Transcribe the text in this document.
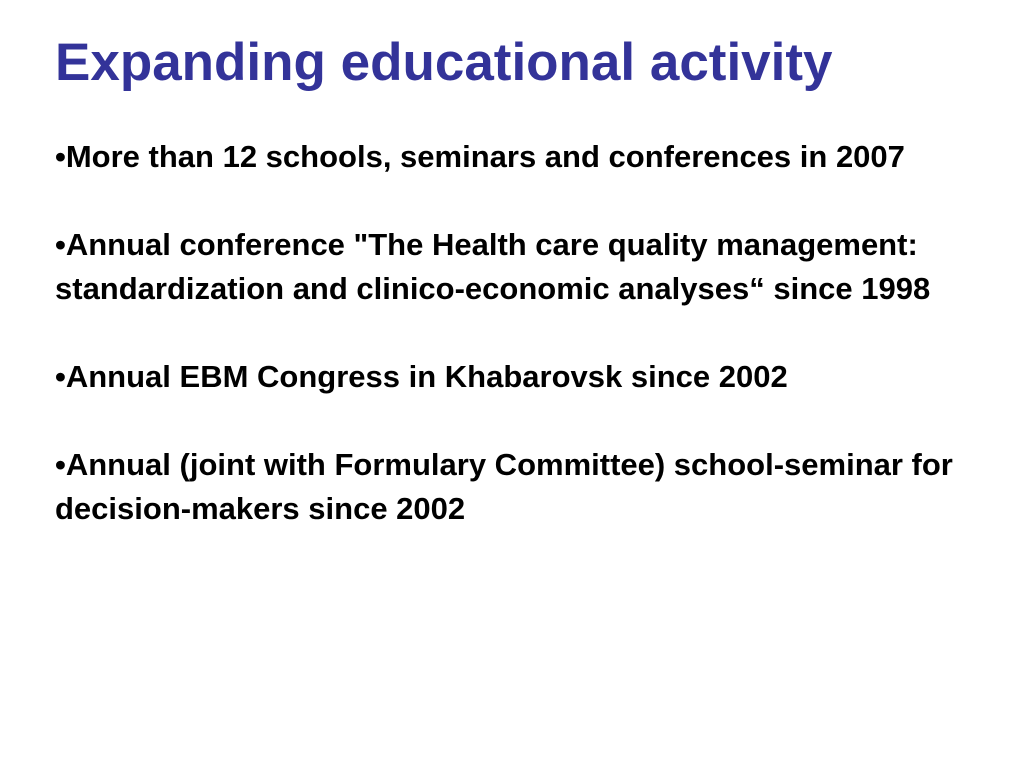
Expanding educational activity
•More than 12 schools, seminars and conferences in 2007
•Annual conference "The Health care quality management: standardization and clinico-economic analyses“ since 1998
•Annual EBM Congress in Khabarovsk since 2002
•Annual (joint with Formulary Committee) school-seminar for decision-makers since 2002
